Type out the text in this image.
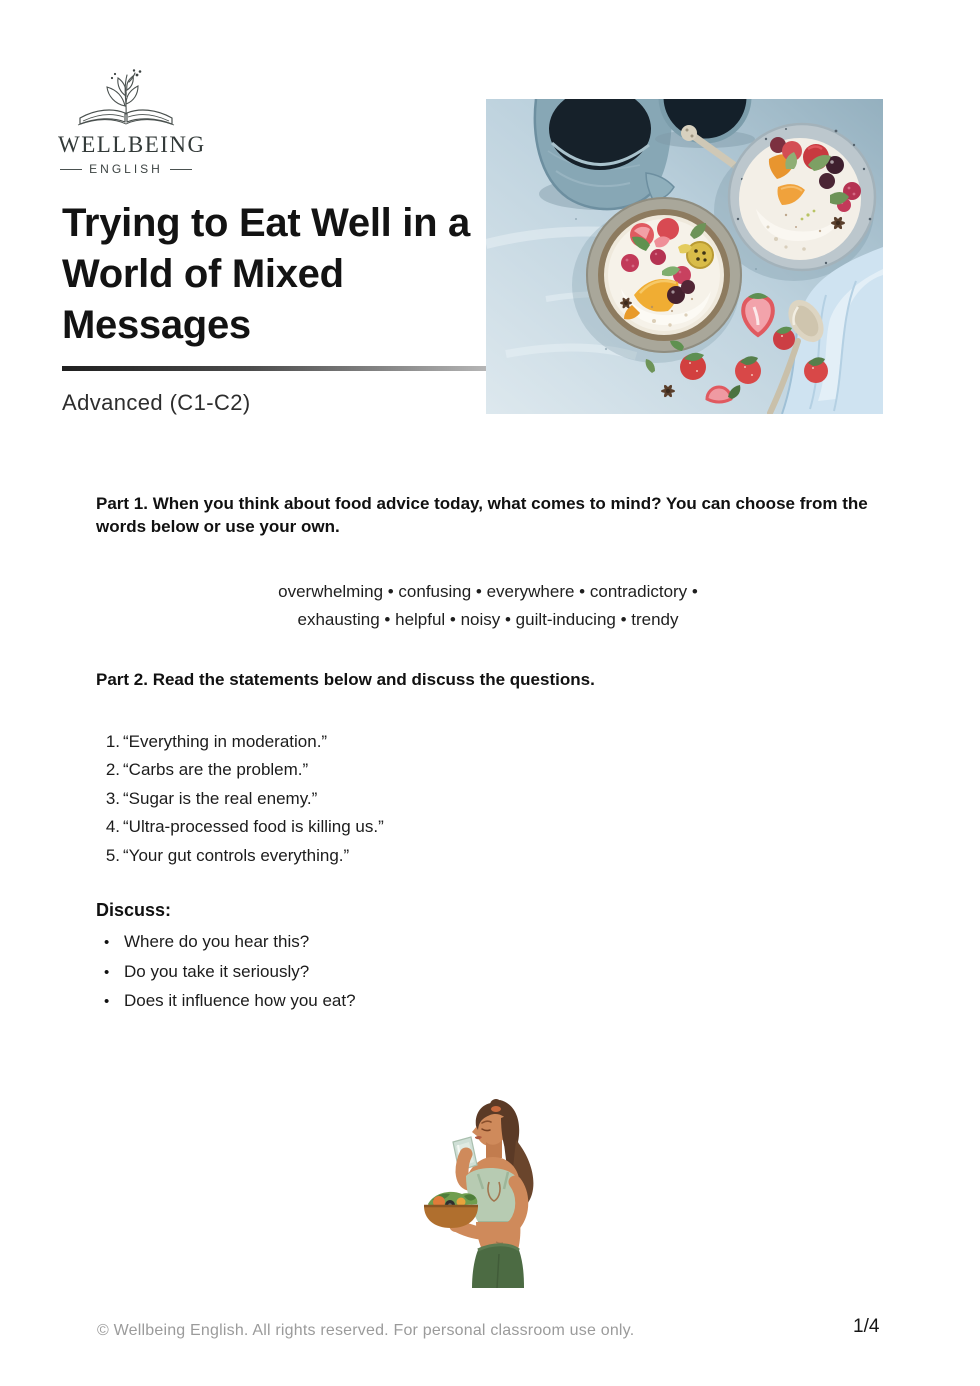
WELLBEING
ENGLISH
Trying to Eat Well in a
World of Mixed
Messages
Advanced (C1-C2)

Part 1. When you think about food advice today, what comes to mind? You can choose from the words below or use your own.

overwhelming • confusing • everywhere • contradictory •
exhausting • helpful • noisy • guilt-inducing • trendy

Part 2. Read the statements below and discuss the questions.

1. “Everything in moderation.”
2. “Carbs are the problem.”
3. “Sugar is the real enemy.”
4. “Ultra-processed food is killing us.”
5. “Your gut controls everything.”

Discuss:

• Where do you hear this?
• Do you take it seriously?
• Does it influence how you eat?
© Wellbeing English. All rights reserved. For personal classroom use only.	1/4
